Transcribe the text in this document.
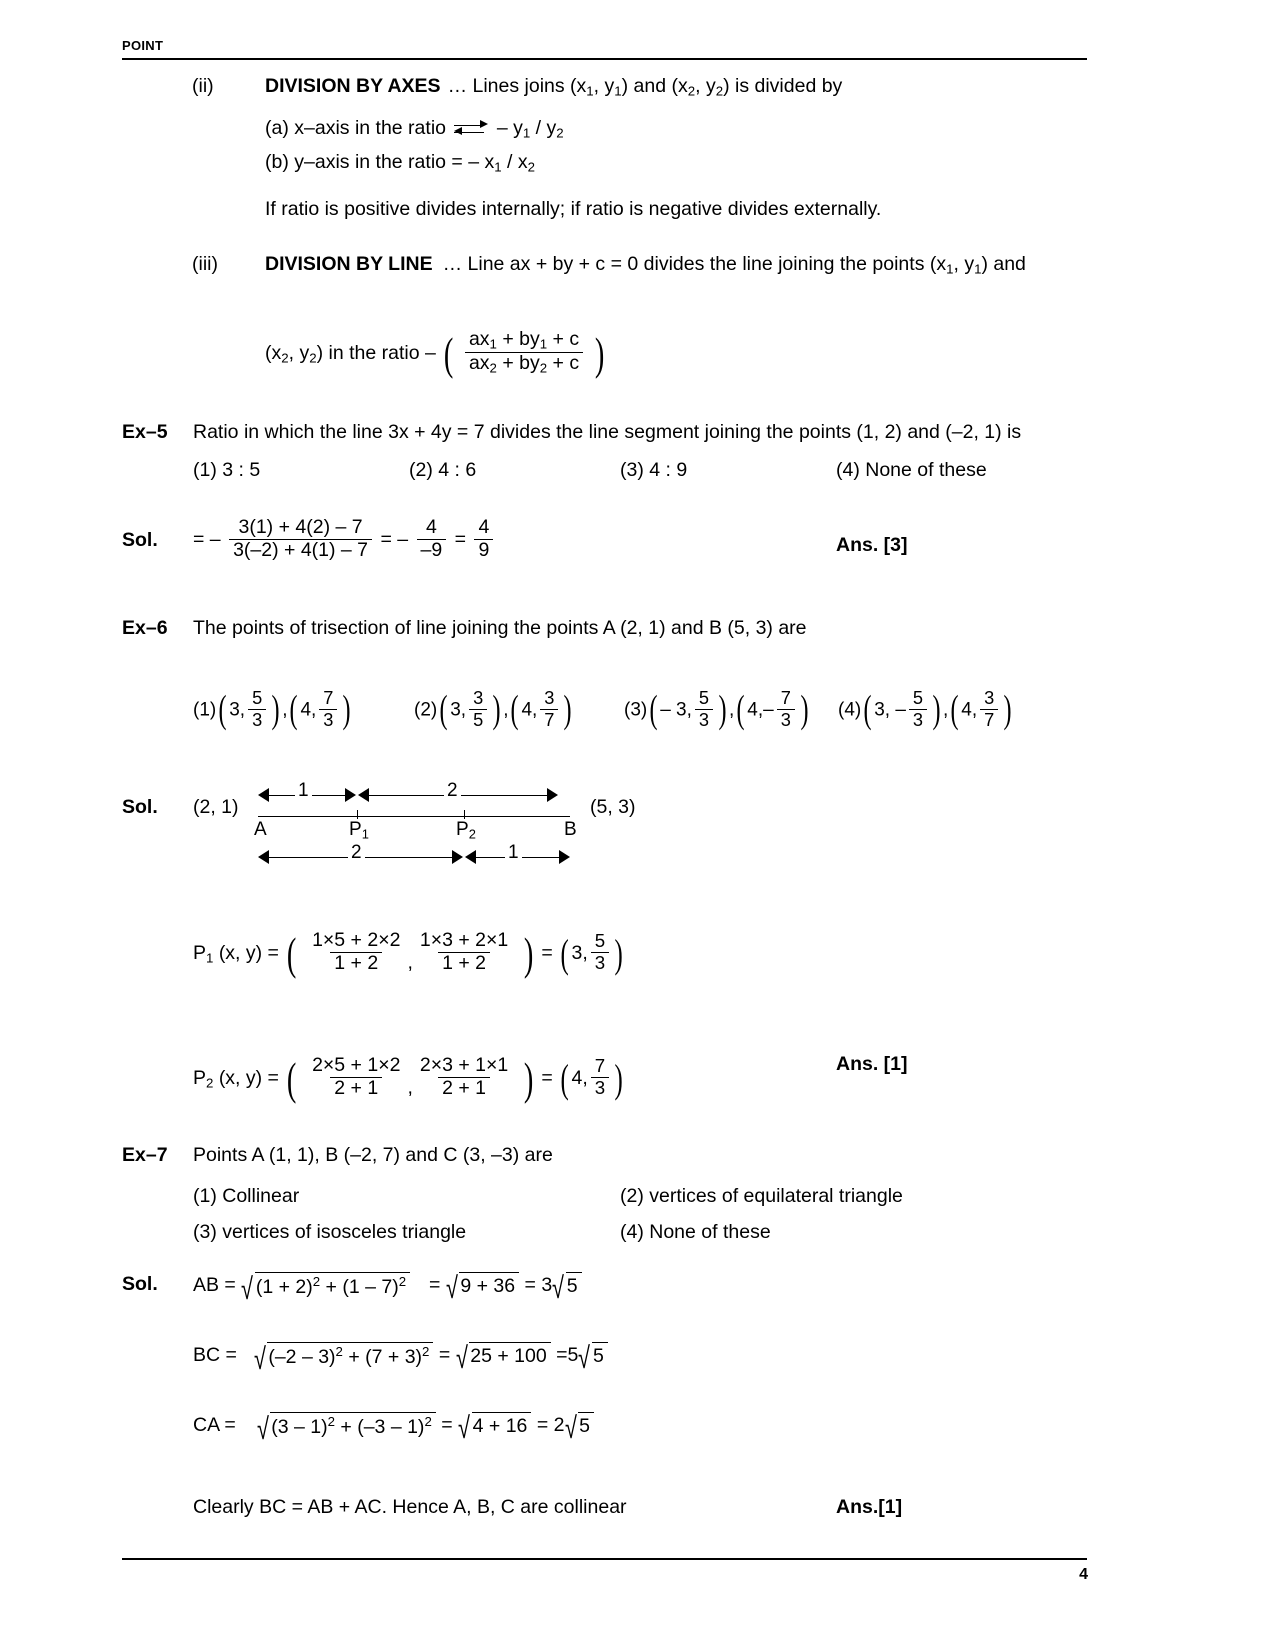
POINT
(ii)	DIVISION BY AXES … Lines joins ($x_1$, $y_1$) and ($x_2$, $y_2$) is divided by
(a) x–axis in the ratio	– $y_1 / y_2$
(b) y–axis in the ratio = – $x_1 / x_2$
If ratio is positive divides internally; if ratio is negative divides externally.
(iii) DIVISION BY LINE … Line ax + by + c = 0 divides the line joining the points ($x_1$, $y_1$) and
($x_2$, $y_2$) in the ratio – ( $\frac{ax_1 + by_1 + c}{ax_2 + by_2 + c}$ )
Ex–5 Ratio in which the line 3x + 4y = 7 divides the line segment joining the points (1, 2) and (–2, 1) is
(1) 3 : 5	(2) 4 : 6	(3) 4 : 9	(4) None of these
Sol. = – $\frac{3(1) + 4(2) - 7}{3(-2) + 4(1) - 7}$ = – $\frac{4}{-9} = \frac{4}{9}$	Ans. [3]
Ex–6 The points of trisection of line joining the points A (2, 1) and B (5, 3) are
(1)( 3, $\frac{5}{3}$ ) ,( 4, $\frac{7}{3}$ )	(2)( 3, $\frac{3}{5}$ ) ,( 4, $\frac{3}{7}$ )	(3)( – 3, $\frac{5}{3}$ ) ,( $4,- \frac{7}{3}$ ) (4)( 3, – $\frac{5}{3}$ ) ,( 4, $\frac{3}{7}$ )
Sol. (2, 1)	(5, 3)
1	2
A	$P_1$	$P_2$	B
2	1
$P_1$ (x, y) = ( $\frac{1\times 5 + 2\times 2}{1 + 2}$ , $\frac{1\times 3 + 2\times 1}{1 + 2}$ ) = ( 3, $\frac{5}{3}$ )
$P_2$ (x, y) = ( $\frac{2\times 5 + 1\times 2}{2 + 1}$ , $\frac{2\times 3 + 1\times 1}{2 + 1}$ ) = ( 4, $\frac{7}{3}$ )	Ans. [1]
Ex–7 Points A (1, 1), B (–2, 7) and C (3, –3) are
(1) Collinear	(2) vertices of equilateral triangle
(3) vertices of isosceles triangle	(4) None of these
Sol. AB = √ $(1 + 2)^2 + (1 - 7)^2$ = √ 9 + 36 = 3 √ 5
BC = √ $(-2 - 3)^2 + (7 + 3)^2$ = √ 25 + 100 =5 √ 5
CA = √ (3 – 1)$^2$ + (–3 – 1)$^2$ = √ 4 + 16 = 2 √ 5
Clearly BC = AB + AC. Hence A, B, C are collinear	Ans.[1]
4
